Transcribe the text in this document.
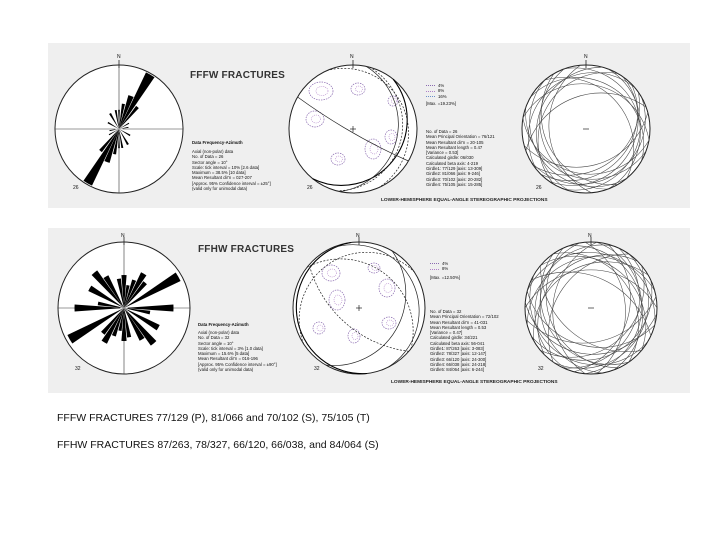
FFFW FRACTURES
N
26
Data Frequency-Azimuth
Axial (non-polar) data
No. of Data = 26
Sector angle = 10°
Scale: tick interval = 10% [2.6 data]
Maximum = 38.5% [10 data]
Mean Resultant dir'n = 027-207
[Approx. 95% Confidence interval = ±25°]
(valid only for unimodal data)
N
26
4%
8%
16%
[Max. =19.23%]
No. of Data = 26
Mean Principal Orientation = 76/121
Mean Resultant dir'n = 20-105
Mean Resultant length = 0.47
[Variance = 0.53]
Calculated girdle: 06/030
Calculated beta axis: 4-219
Girdle1: 77/129 [axis: 13-309]
Girdle2: 81/066 [axis: 9-246]
Girdle3: 70/102 [axis: 20-282]
Girdle4: 75/105 [axis: 15-285]
N
26
LOWER-HEMISPHERE EQUAL-ANGLE STEREOGRAPHIC PROJECTIONS
FFHW FRACTURES
N
32
Data Frequency-Azimuth
Axial (non-polar) data
No. of Data = 32
Sector angle = 10°
Scale: tick interval = 3% [1.0 data]
Maximum = 15.6% [5 data]
Mean Resultant dir'n = 016-196
[Approx. 95% Confidence interval = ±90°]
(valid only for unimodal data)
N
32
4%
8%
[Max. =12.50%]
No. of Data = 32
Mean Principal Orientation = 72/102
Mean Resultant dir'n = 41-031
Mean Resultant length = 0.53
[Variance = 0.47]
Calculated girdle: 34/221
Calculated beta axis: 56-041
Girdle1: 87/263 [axis: 3-083]
Girdle2: 78/327 [axis: 12-147]
Girdle3: 66/120 [axis: 24-300]
Girdle4: 66/038 [axis: 24-218]
Girdle5: 84/064 [axis: 6-244]
N
32
LOWER-HEMISPHERE EQUAL-ANGLE STEREOGRAPHIC PROJECTIONS
FFFW FRACTURES 77/129 (P), 81/066 and 70/102 (S), 75/105 (T)
FFHW FRACTURES 87/263, 78/327, 66/120, 66/038, and 84/064 (S)
